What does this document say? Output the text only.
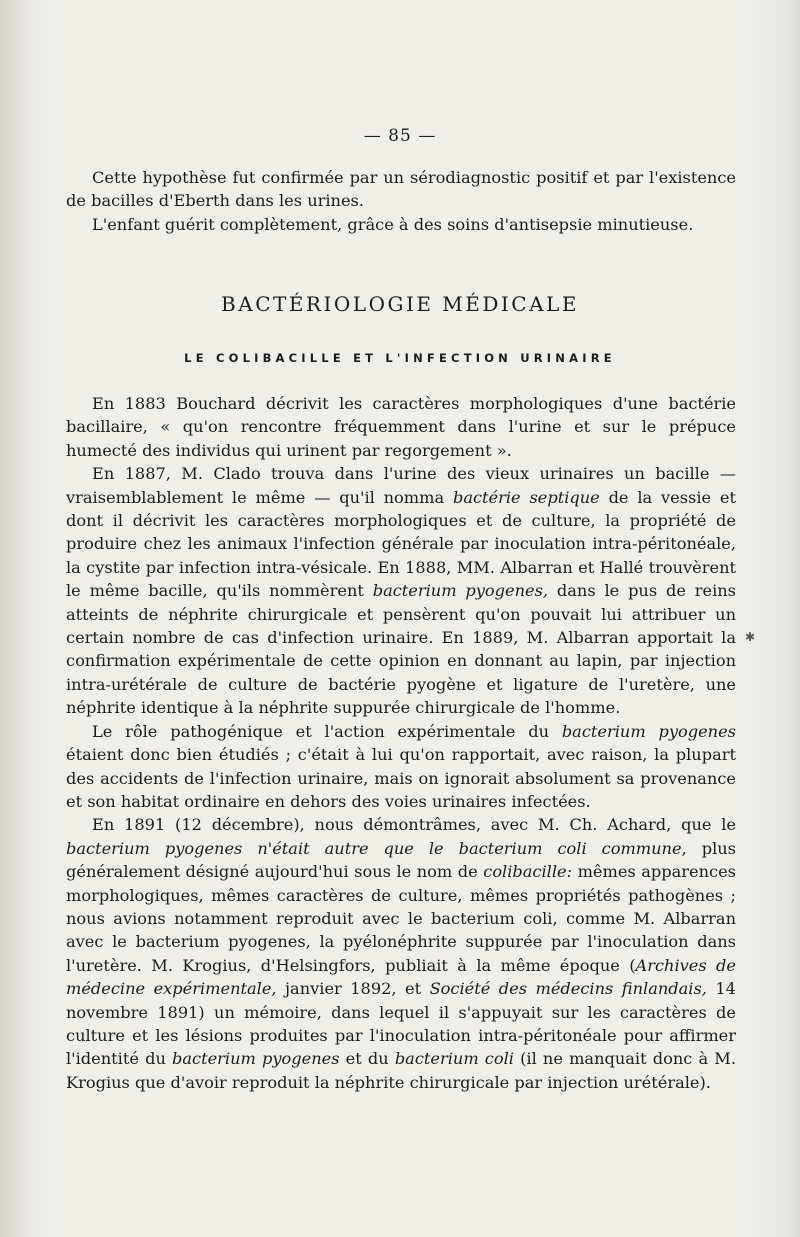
— 85 —

Cette hypothèse fut confirmée par un sérodiagnostic positif et par l'existence de bacilles d'Eberth dans les urines.

L'enfant guérit complètement, grâce à des soins d'antisepsie minutieuse.

BACTÉRIOLOGIE MÉDICALE
LE COLIBACILLE ET L'INFECTION URINAIRE

En 1883 Bouchard décrivit les caractères morphologiques d'une bactérie bacillaire, « qu'on rencontre fréquemment dans l'urine et sur le prépuce humecté des individus qui urinent par regorgement ».

En 1887, M. Clado trouva dans l'urine des vieux urinaires un bacille — vraisemblablement le même — qu'il nomma bactérie septique de la vessie et dont il décrivit les caractères morphologiques et de culture, la propriété de produire chez les animaux l'infection générale par inoculation intra-péritonéale, la cystite par infection intra-vésicale. En 1888, MM. Albarran et Hallé trouvèrent le même bacille, qu'ils nommèrent bacterium pyogenes, dans le pus de reins atteints de néphrite chirurgicale et pensèrent qu'on pouvait lui attribuer un certain nombre de cas d'infection urinaire. En 1889, M. Albarran apportait la confirmation expérimentale de cette opinion en donnant au lapin, par injection intra-urétérale de culture de bactérie pyogène et ligature de l'uretère, une néphrite identique à la néphrite suppurée chirurgicale de l'homme.

Le rôle pathogénique et l'action expérimentale du bacterium pyogenes étaient donc bien étudiés ; c'était à lui qu'on rapportait, avec raison, la plupart des accidents de l'infection urinaire, mais on ignorait absolument sa provenance et son habitat ordinaire en dehors des voies urinaires infectées.

En 1891 (12 décembre), nous démontrâmes, avec M. Ch. Achard, que le bacterium pyogenes n'était autre que le bacterium coli commune, plus généralement désigné aujourd'hui sous le nom de colibacille: mêmes apparences morphologiques, mêmes caractères de culture, mêmes propriétés pathogènes ; nous avions notamment reproduit avec le bacterium coli, comme M. Albarran avec le bacterium pyogenes, la pyélonéphrite suppurée par l'inoculation dans l'uretère. M. Krogius, d'Helsingfors, publiait à la même époque (Archives de médecine expérimentale, janvier 1892, et Société des médecins finlandais, 14 novembre 1891) un mémoire, dans lequel il s'appuyait sur les caractères de culture et les lésions produites par l'inoculation intra-péritonéale pour affirmer l'identité du bacterium pyogenes et du bacterium coli (il ne manquait donc à M. Krogius que d'avoir reproduit la néphrite chirurgicale par injection urétérale).

✱
